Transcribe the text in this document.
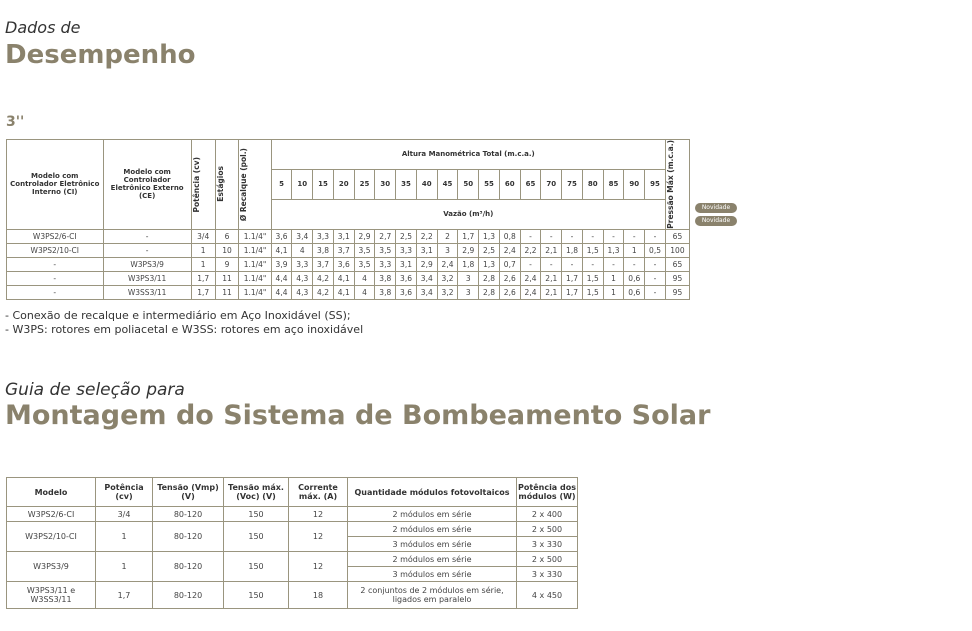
Dados de
Desempenho
3''
Modelo com Controlador Eletrônico Interno (CI)	Modelo com Controlador Eletrônico Externo (CE)	Potência (cv)	Estágios	Ø Recalque (pol.)	Altura Manométrica Total (m.c.a.)																			Pressão Máx (m.c.a.)

					5	10	15	20	25	30	35	40	45	50	55	60	65	70	75	80	85	90	95	
					Vazão (m³/h)																			
W3PS2/6-CI	-	3/4	6	1.1/4"	3,6	3,4	3,3	3,1	2,9	2,7	2,5	2,2	2	1,7	1,3	0,8	-	-	-	-	-	-	-	65
W3PS2/10-CI	-	1	10	1.1/4"	4,1	4	3,8	3,7	3,5	3,5	3,3	3,1	3	2,9	2,5	2,4	2,2	2,1	1,8	1,5	1,3	1	0,5	100
-	W3PS3/9	1	9	1.1/4"	3,9	3,3	3,7	3,6	3,5	3,3	3,1	2,9	2,4	1,8	1,3	0,7	-	-	-	-	-	-	-	65
-	W3PS3/11	1,7	11	1.1/4"	4,4	4,3	4,2	4,1	4	3,8	3,6	3,4	3,2	3	2,8	2,6	2,4	2,1	1,7	1,5	1	0,6	-	95
-	W3SS3/11	1,7	11	1.1/4"	4,4	4,3	4,2	4,1	4	3,8	3,6	3,4	3,2	3	2,8	2,6	2,4	2,1	1,7	1,5	1	0,6	-	95
Novidade
Novidade
- Conexão de recalque e intermediário em Aço Inoxidável (SS);
- W3PS: rotores em poliacetal e W3SS: rotores em aço inoxidável
Guia de seleção para
Montagem do Sistema de Bombeamento Solar
Modelo	Potência (cv)	Tensão (Vmp) (V)	Tensão máx. (Voc) (V)	Corrente máx. (A)	Quantidade módulos fotovoltaicos	Potência dos módulos (W)
W3PS2/6-CI	3/4	80-120	150	12	2 módulos em série	2 x 400
W3PS2/10-CI	1	80-120	150	12	2 módulos em série	2 x 500
					3 módulos em série	3 x 330
W3PS3/9	1	80-120	150	12	2 módulos em série	2 x 500
					3 módulos em série	3 x 330
W3PS3/11 e W3SS3/11	1,7	80-120	150	18	2 conjuntos de 2 módulos em série, ligados em paralelo	4 x 450
